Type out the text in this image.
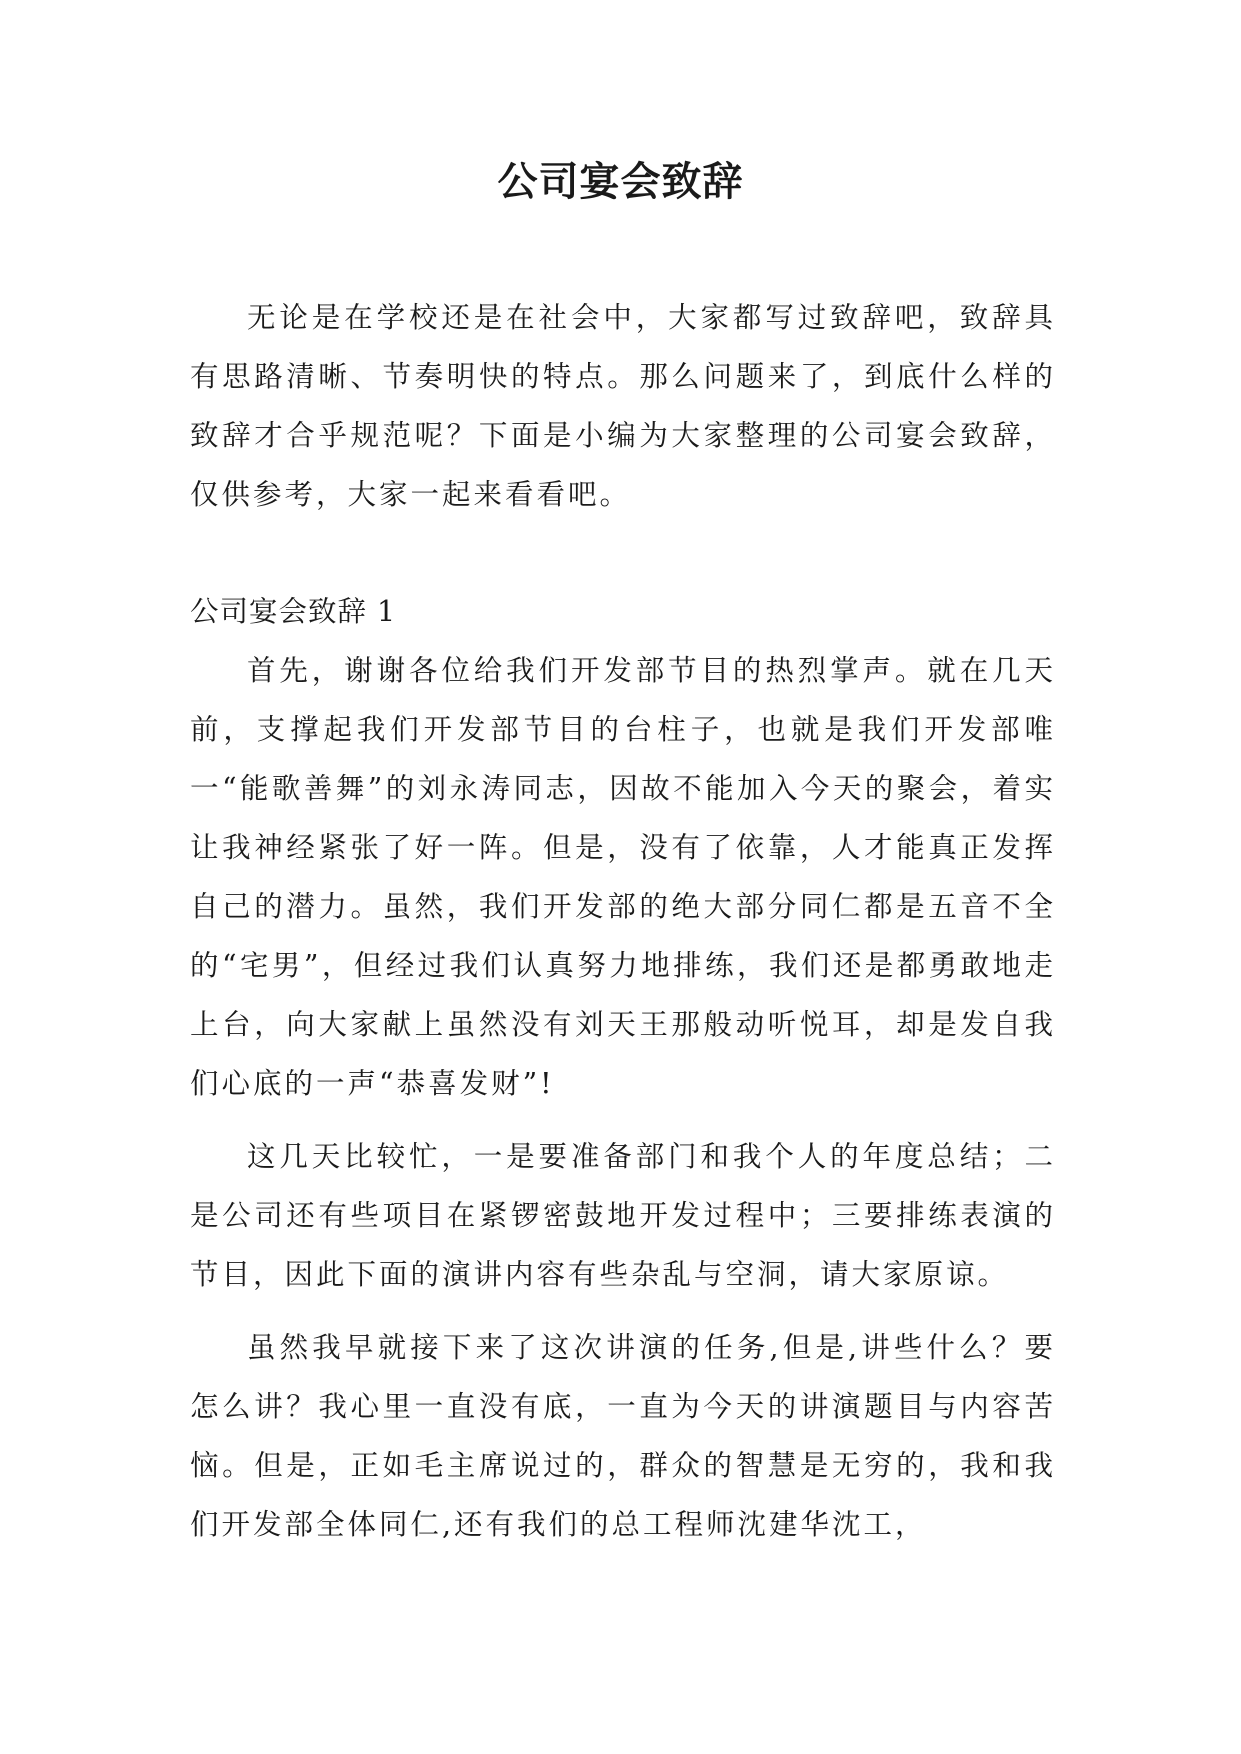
公司宴会致辞

无论是在学校还是在社会中，大家都写过致辞吧，致辞具有思路清晰、节奏明快的特点。那么问题来了，到底什么样的致辞才合乎规范呢？下面是小编为大家整理的公司宴会致辞，仅供参考，大家一起来看看吧。

公司宴会致辞 1

首先，谢谢各位给我们开发部节目的热烈掌声。就在几天前，支撑起我们开发部节目的台柱子，也就是我们开发部唯一“能歌善舞”的刘永涛同志，因故不能加入今天的聚会，着实让我神经紧张了好一阵。但是，没有了依靠，人才能真正发挥自己的潜力。虽然，我们开发部的绝大部分同仁都是五音不全的“宅男”，但经过我们认真努力地排练，我们还是都勇敢地走上台，向大家献上虽然没有刘天王那般动听悦耳，却是发自我们心底的一声“恭喜发财”!

这几天比较忙，一是要准备部门和我个人的年度总结；二是公司还有些项目在紧锣密鼓地开发过程中；三要排练表演的节目，因此下面的演讲内容有些杂乱与空洞，请大家原谅。

虽然我早就接下来了这次讲演的任务,但是,讲些什么？要怎么讲？我心里一直没有底，一直为今天的讲演题目与内容苦恼。但是，正如毛主席说过的，群众的智慧是无穷的，我和我们开发部全体同仁,还有我们的总工程师沈建华沈工，
